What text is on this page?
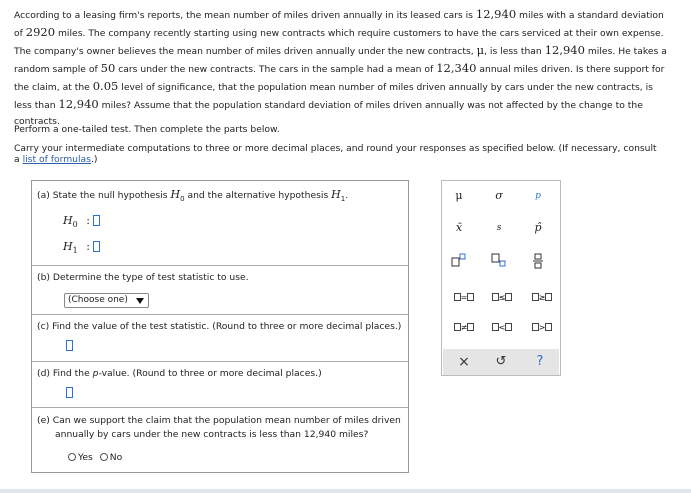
According to a leasing firm's reports, the mean number of miles driven annually in its leased cars is 12,940 miles with a standard deviation
of 2920 miles. The company recently starting using new contracts which require customers to have the cars serviced at their own expense.
The company's owner believes the mean number of miles driven annually under the new contracts, μ, is less than 12,940 miles. He takes a
random sample of 50 cars under the new contracts. The cars in the sample had a mean of 12,340 annual miles driven. Is there support for
the claim, at the 0.05 level of significance, that the population mean number of miles driven annually by cars under the new contracts, is
less than 12,940 miles? Assume that the population standard deviation of miles driven annually was not affected by the change to the
contracts.
Perform a one-tailed test. Then complete the parts below.
Carry your intermediate computations to three or more decimal places, and round your responses as specified below. (If necessary, consult
a list of formulas.)
(a) State the null hypothesis $H_0$ and the alternative hypothesis $H_1$.
$H_0$ :
$H_1$ :
(b) Determine the type of test statistic to use.
(Choose one)
(c) Find the value of the test statistic. (Round to three or more decimal places.)
(d) Find the p-value. (Round to three or more decimal places.)
(e) Can we support the claim that the population mean number of miles driven
annually by cars under the new contracts is less than 12,940 miles?
Yes No
μ	σ	p
x̄	s	p̂
=	≤	≥
≠	<	>
×	↺	?
